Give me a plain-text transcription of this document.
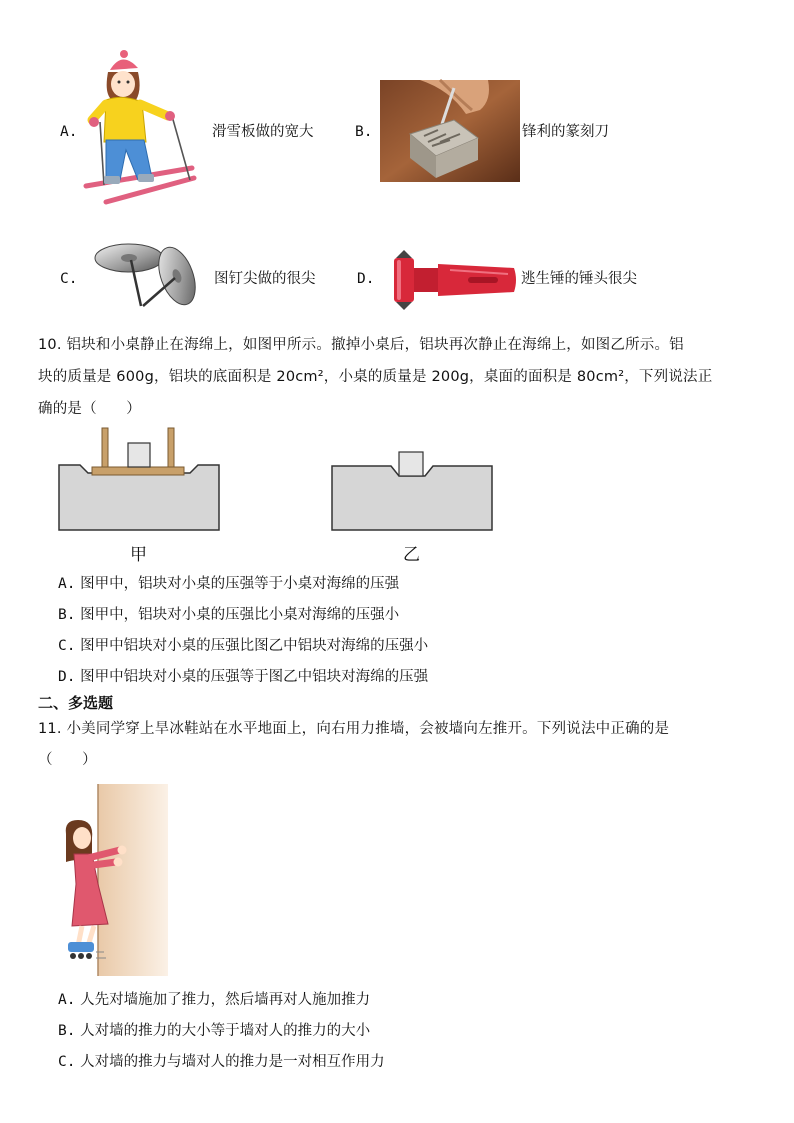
A.	滑雪板做的宽大	B.	锋利的篆刻刀
C.	图钉尖做的很尖	D.	逃生锤的锤头很尖
10. 铝块和小桌静止在海绵上，如图甲所示。撤掉小桌后，铝块再次静止在海绵上，如图乙所示。铝
块的质量是 600g，铝块的底面积是 20cm²，小桌的质量是 200g，桌面的面积是 80cm²，下列说法正
确的是（　　）
甲	乙
A. 图甲中，铝块对小桌的压强等于小桌对海绵的压强
B. 图甲中，铝块对小桌的压强比小桌对海绵的压强小
C. 图甲中铝块对小桌的压强比图乙中铝块对海绵的压强小
D. 图甲中铝块对小桌的压强等于图乙中铝块对海绵的压强
二、多选题
11. 小美同学穿上旱冰鞋站在水平地面上，向右用力推墙，会被墙向左推开。下列说法中正确的是
（　　）
A. 人先对墙施加了推力，然后墙再对人施加推力
B. 人对墙的推力的大小等于墙对人的推力的大小
C. 人对墙的推力与墙对人的推力是一对相互作用力
